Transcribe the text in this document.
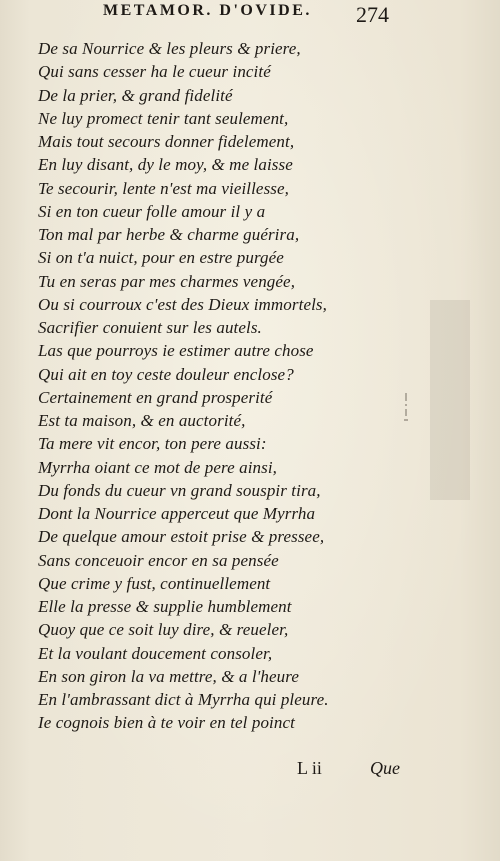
METAMOR. D'OVIDE. 274
De sa Nourrice & les pleurs & priere,
Qui sans cesser ha le cueur incité
De la prier, & grand fidelité
Ne luy promect tenir tant seulement,
Mais tout secours donner fidelement,
En luy disant, dy le moy, & me laisse
Te secourir, lente n'est ma vieillesse,
Si en ton cueur folle amour il y a
Ton mal par herbe & charme guérira,
Si on t'a nuict, pour en estre purgée
Tu en seras par mes charmes vengée,
Ou si courroux c'est des Dieux immortels,
Sacrifier conuient sur les autels.
Las que pourroys ie estimer autre chose
Qui ait en toy ceste douleur enclose?
Certainement en grand prosperité
Est ta maison, & en auctorité,
Ta mere vit encor, ton pere aussi:
Myrrha oiant ce mot de pere ainsi,
Du fonds du cueur vn grand souspir tira,
Dont la Nourrice apperceut que Myrrha
De quelque amour estoit prise & pressee,
Sans conceuoir encor en sa pensée
Que crime y fust, continuellement
Elle la presse & supplie humblement
Quoy que ce soit luy dire, & reueler,
Et la voulant doucement consoler,
En son giron la va mettre, & a l'heure
En l'ambrassant dict à Myrrha qui pleure.
Ie cognois bien à te voir en tel poinct
L ii	Que
